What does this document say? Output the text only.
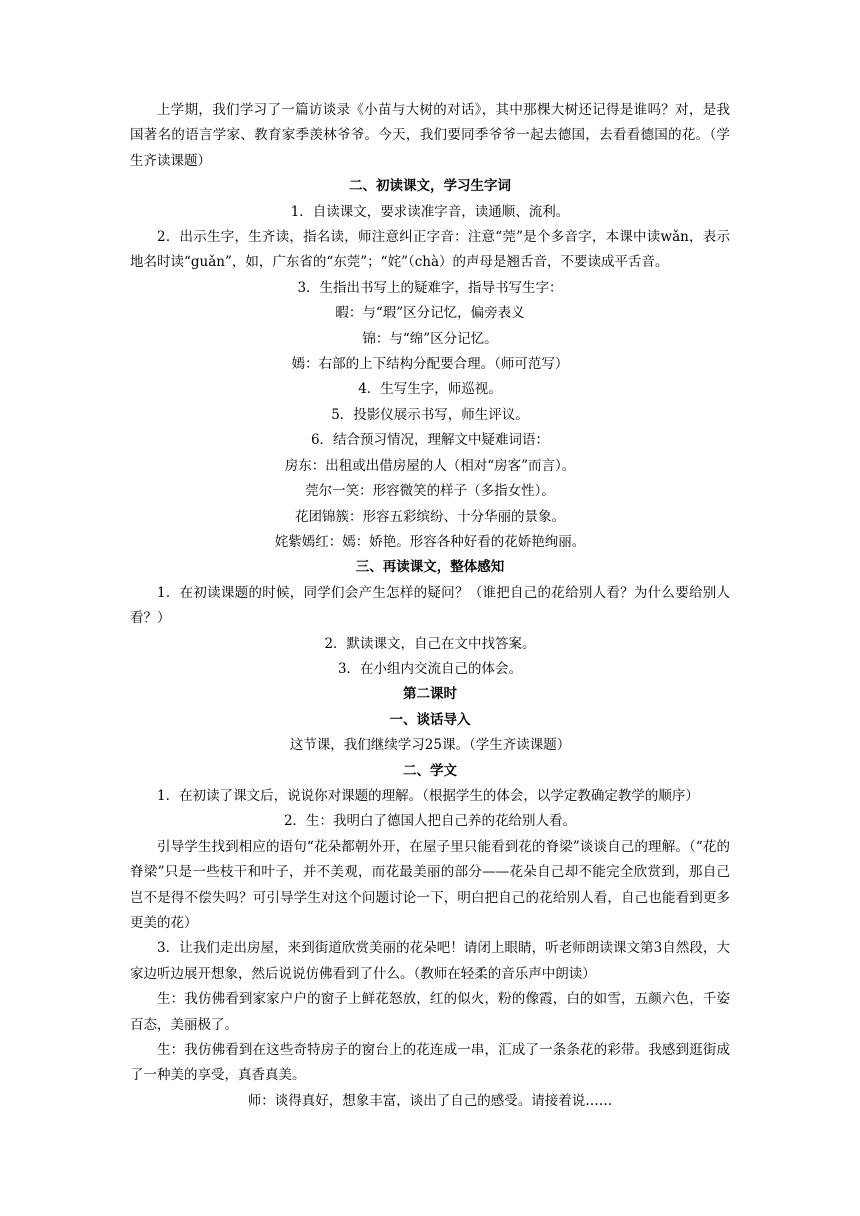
上学期，我们学习了一篇访谈录《小苗与大树的对话》，其中那棵大树还记得是谁吗？对，是我国著名的语言学家、教育家季羡林爷爷。今天，我们要同季爷爷一起去德国，去看看德国的花。（学生齐读课题）

二、初读课文，学习生字词

1．自读课文，要求读准字音，读通顺、流利。

2．出示生字，生齐读，指名读，师注意纠正字音：注意“莞”是个多音字，本课中读wǎn，表示地名时读“guǎn”，如，广东省的“东莞”；“姹”（chà）的声母是翘舌音，不要读成平舌音。

3．生指出书写上的疑难字，指导书写生字：

暇：与“瑕”区分记忆，偏旁表义

锦：与“绵”区分记忆。

嫣：右部的上下结构分配要合理。（师可范写）

4．生写生字，师巡视。

5．投影仪展示书写，师生评议。

6．结合预习情况，理解文中疑难词语：

房东：出租或出借房屋的人（相对“房客”而言）。

莞尔一笑：形容微笑的样子（多指女性）。

花团锦簇：形容五彩缤纷、十分华丽的景象。

姹紫嫣红：嫣：娇艳。形容各种好看的花娇艳绚丽。

三、再读课文，整体感知

1．在初读课题的时候，同学们会产生怎样的疑问？（谁把自己的花给别人看？为什么要给别人看？）

2．默读课文，自己在文中找答案。

3．在小组内交流自己的体会。

第二课时

一、谈话导入

这节课，我们继续学习25课。（学生齐读课题）

二、学文

1．在初读了课文后，说说你对课题的理解。（根据学生的体会，以学定教确定教学的顺序）

2．生：我明白了德国人把自己养的花给别人看。

引导学生找到相应的语句“花朵都朝外开，在屋子里只能看到花的脊梁”谈谈自己的理解。（“花的脊梁”只是一些枝干和叶子，并不美观，而花最美丽的部分——花朵自己却不能完全欣赏到，那自己岂不是得不偿失吗？可引导学生对这个问题讨论一下，明白把自己的花给别人看，自己也能看到更多更美的花）

3．让我们走出房屋，来到街道欣赏美丽的花朵吧！请闭上眼睛，听老师朗读课文第3自然段，大家边听边展开想象，然后说说仿佛看到了什么。（教师在轻柔的音乐声中朗读）

生：我仿佛看到家家户户的窗子上鲜花怒放，红的似火，粉的像霞，白的如雪，五颜六色，千姿百态，美丽极了。

生：我仿佛看到在这些奇特房子的窗台上的花连成一串，汇成了一条条花的彩带。我感到逛街成了一种美的享受，真香真美。

师：谈得真好，想象丰富，谈出了自己的感受。请接着说……
